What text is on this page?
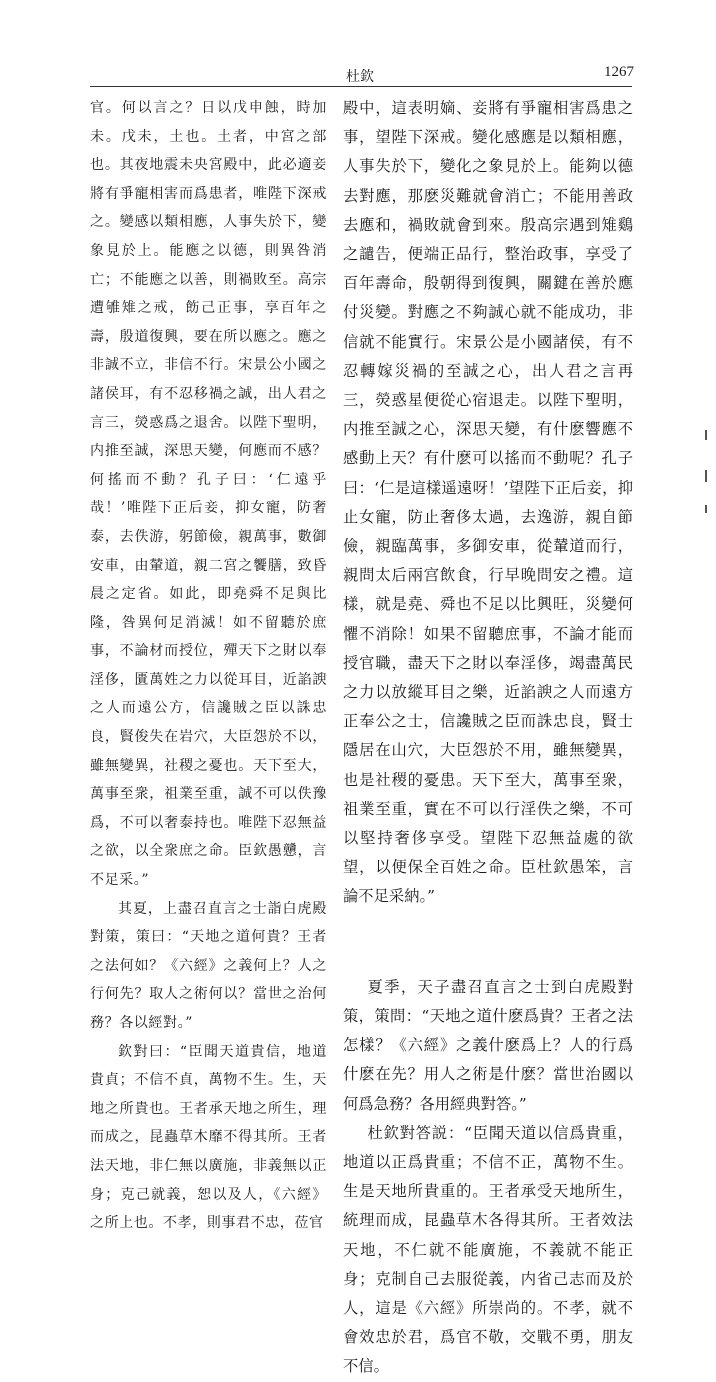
杜欽	1267

官。何以言之？日以戊申蝕，時加未。戊未，土也。土者，中宮之部也。其夜地震未央宮殿中，此必適妾將有爭寵相害而爲患者，唯陛下深戒之。變感以類相應，人事失於下，變象見於上。能應之以德，則異咎消亡；不能應之以善，則禍敗至。高宗遭雊雉之戒，飭己正事，享百年之壽，殷道復興，要在所以應之。應之非誠不立，非信不行。宋景公小國之諸侯耳，有不忍移禍之誠，出人君之言三，熒惑爲之退舍。以陛下聖明，内推至誠，深思天變，何應而不感？何搖而不動？孔子曰：‘仁遠乎哉！’唯陛下正后妾，抑女寵，防奢泰，去佚游，躬節儉，親萬事，數御安車，由輦道，親二宮之饗膳，致昏晨之定省。如此，即堯舜不足與比隆，咎異何足消滅！如不留聽於庶事，不論材而授位，殫天下之財以奉淫侈，匱萬姓之力以從耳目，近諂諛之人而遠公方，信讒賊之臣以誅忠良，賢俊失在岩穴，大臣怨於不以，雖無變異，社稷之憂也。天下至大，萬事至衆，祖業至重，誠不可以佚豫爲，不可以奢泰持也。唯陛下忍無益之欲，以全衆庶之命。臣欽愚戇，言不足采。”

其夏，上盡召直言之士詣白虎殿對策，策曰：“天地之道何貴？王者之法何如？《六經》之義何上？人之行何先？取人之術何以？當世之治何務？各以經對。”

欽對曰：“臣聞天道貴信，地道貴貞；不信不貞，萬物不生。生，天地之所貴也。王者承天地之所生，理而成之，昆蟲草木靡不得其所。王者法天地，非仁無以廣施，非義無以正身；克己就義，恕以及人，《六經》之所上也。不孝，則事君不忠，莅官

殿中，這表明嫡、妾將有爭寵相害爲患之事，望陛下深戒。變化感應是以類相應，人事失於下，變化之象見於上。能夠以德去對應，那麽災難就會消亡；不能用善政去應和，禍敗就會到來。殷高宗遇到雉鷄之譴告，便端正品行，整治政事，享受了百年壽命，殷朝得到復興，關鍵在善於應付災變。對應之不夠誠心就不能成功，非信就不能實行。宋景公是小國諸侯，有不忍轉嫁災禍的至誠之心，出人君之言再三，熒惑星便從心宿退走。以陛下聖明，内推至誠之心，深思天變，有什麽響應不感動上天？有什麽可以搖而不動呢？孔子曰：‘仁是這樣遥遠呀！’望陛下正后妾，抑止女寵，防止奢侈太過，去逸游，親自節儉，親臨萬事，多御安車，從輦道而行，親問太后兩宫飲食，行早晚問安之禮。這樣，就是堯、舜也不足以比興旺，災變何懼不消除！如果不留聽庶事，不論才能而授官職，盡天下之財以奉淫侈，竭盡萬民之力以放縱耳目之樂，近諂諛之人而遠方正奉公之士，信讒賊之臣而誅忠良，賢士隱居在山穴，大臣怨於不用，雖無變異，也是社稷的憂患。天下至大，萬事至衆，祖業至重，實在不可以行淫佚之樂，不可以堅持奢侈享受。望陛下忍無益處的欲望，以便保全百姓之命。臣杜欽愚笨，言論不足采納。”

夏季，天子盡召直言之士到白虎殿對策，策問：“天地之道什麽爲貴？王者之法怎樣？《六經》之義什麽爲上？人的行爲什麽在先？用人之術是什麽？當世治國以何爲急務？各用經典對答。”

杜欽對答説：“臣聞天道以信爲貴重，地道以正爲貴重；不信不正，萬物不生。生是天地所貴重的。王者承受天地所生，統理而成，昆蟲草木各得其所。王者效法天地，不仁就不能廣施，不義就不能正身；克制自己去服從義，内省己志而及於人，這是《六經》所崇尚的。不孝，就不會效忠於君，爲官不敬，交戰不勇，朋友不信。
